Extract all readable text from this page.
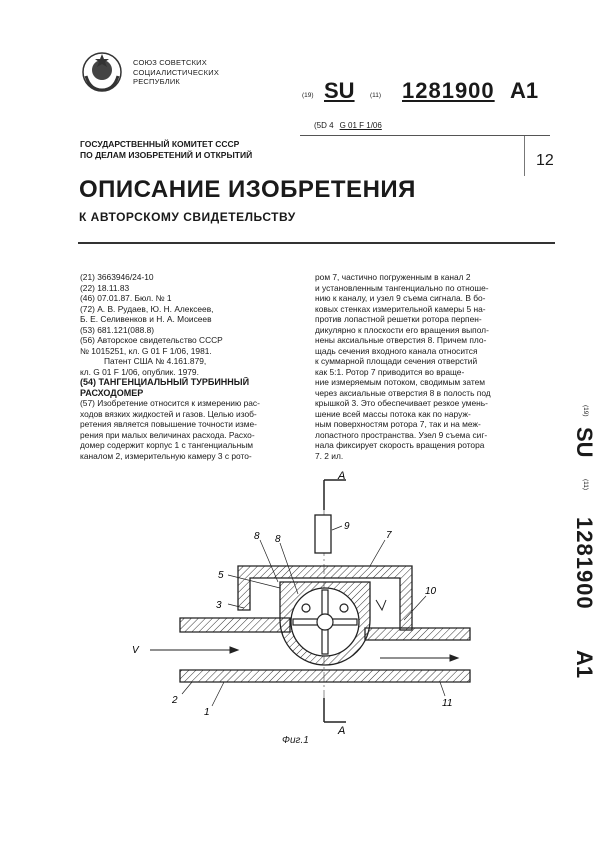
СОЮЗ СОВЕТСКИХ
СОЦИАЛИСТИЧЕСКИХ
РЕСПУБЛИК
(19) SU (11) 1281900 A1
(5D 4 G 01 F 1/06
ГОСУДАРСТВЕННЫЙ КОМИТЕТ СССР
ПО ДЕЛАМ ИЗОБРЕТЕНИЙ И ОТКРЫТИЙ	12
ОПИСАНИЕ ИЗОБРЕТЕНИЯ
К АВТОРСКОМУ СВИДЕТЕЛЬСТВУ
(21) 3663946/24-10
(22) 18.11.83
(46) 07.01.87. Бюл. № 1
(72) А. В. Рудаев, Ю. Н. Алексеев,
Б. Е. Селивенков и Н. А. Моисеев
(53) 681.121(088.8)
(56) Авторское свидетельство СССР
№ 1015251, кл. G 01 F 1/06, 1981.
Патент США № 4.161.879,
кл. G 01 F 1/06, опублик. 1979.
(54) ТАНГЕНЦИАЛЬНЫЙ ТУРБИННЫЙ
РАСХОДОМЕР
(57) Изобретение относится к измерению рас-
ходов вязких жидкостей и газов. Целью изоб-
ретения является повышение точности изме-
рения при малых величинах расхода. Расхо-
домер содержит корпус 1 с тангенциальным
каналом 2, измерительную камеру 3 с рото-
ром 7, частично погруженным в канал 2
и установленным тангенциально по отноше-
нию к каналу, и узел 9 съема сигнала. В бо-
ковых стенках измерительной камеры 5 на-
против лопастной решетки ротора перпен-
дикулярно к плоскости его вращения выпол-
нены аксиальные отверстия 8. Причем пло-
щадь сечения входного канала относится
к суммарной площади сечения отверстий
как 5:1. Ротор 7 приводится во враще-
ние измеряемым потоком, сводимым затем
через аксиальные отверстия 8 в полость под
крышкой 3. Это обеспечивает резкое умень-
шение всей массы потока как по наруж-
ным поверхностям ротора 7, так и на меж-
лопастного пространства. Узел 9 съема сиг-
нала фиксирует скорость вращения ротора
7. 2 ил.
(19)
SU
(11)
1281900
A1
A
A
V
8 8
9
7
5
3
10
2
1
11
Фиг.1
